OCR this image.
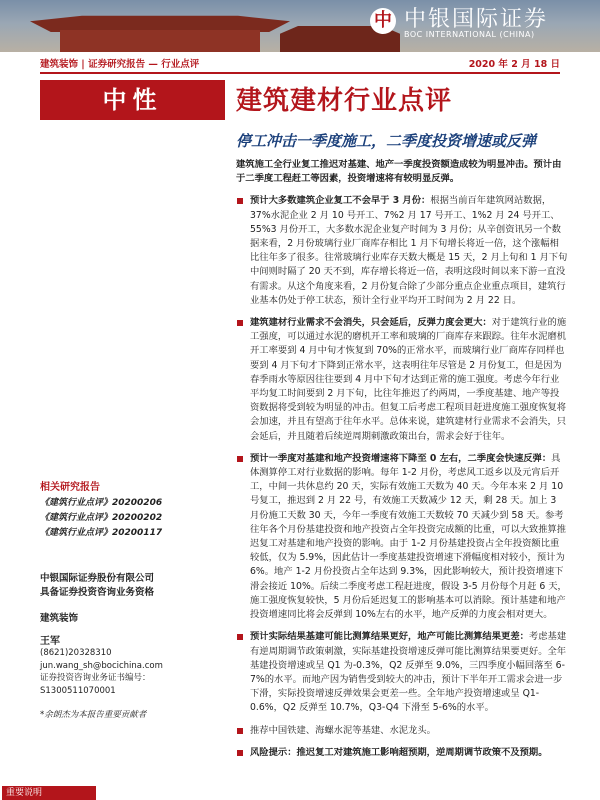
中 中银国际证券
BOC INTERNATIONAL (CHINA)
建筑装饰 | 证券研究报告 — 行业点评	2020 年 2 月 18 日
中性	建筑建材行业点评
停工冲击一季度施工，二季度投资增速或反弹
建筑施工全行业复工推迟对基建、地产一季度投资额造成较为明显冲击。预计由于二季度工程赶工等因素，投资增速将有较明显反弹。
预计大多数建筑企业复工不会早于 3 月份：根据当前百年建筑网站数据，37%水泥企业 2 月 10 号开工、7%2 月 17 号开工、1%2 月 24 号开工、55%3 月份开工，大多数水泥企业复产时间为 3 月份；从辛创资讯另一个数据来看，2 月份玻璃行业厂商库存相比 1 月下旬增长将近一倍，这个涨幅相比往年多了很多。往常玻璃行业库存天数大概是 15 天，2 月上旬和 1 月下旬中间则时隔了 20 天不到，库存增长将近一倍，表明这段时间以来下游一直没有需求。从这个角度来看，2 月份复合除了少部分重点企业重点项目，建筑行业基本仍处于停工状态，预计全行业平均开工时间为 2 月 22 日。
建筑建材行业需求不会消失，只会延后，反弹力度会更大：对于建筑行业的施工强度，可以通过水泥的磨机开工率和玻璃的厂商库存来跟踪。往年水泥磨机开工率要到 4 月中旬才恢复到 70%的正常水平，而玻璃行业厂商库存同样也要到 4 月下旬才下降到正常水平，这表明往年尽管是 2 月份复工，但是因为春季雨水等原因往往要到 4 月中下旬才达到正常的施工强度。考虑今年行业平均复工时间要到 2 月下旬，比往年推迟了约两周，一季度基建、地产等投资数据将受到较为明显的冲击。但复工后考虑工程项目赶进度施工强度恢复将会加速，并且有望高于往年水平。总体来说，建筑建材行业需求不会消失，只会延后，并且随着后续逆周期刺激政策出台，需求会好于往年。
预计一季度对基建和地产投资增速将下降至 0 左右，二季度会快速反弹：具体测算停工对行业数据的影响。每年 1-2 月份，考虑风工返乡以及元宵后开工，中间一共休息约 20 天，实际有效施工天数为 40 天。今年本来 2 月 10 号复工，推迟到 2 月 22 号，有效施工天数减少 12 天，剩 28 天。加上 3 月份施工天数 30 天，今年一季度有效施工天数较 70 天减少到 58 天。参考往年各个月份基建投资和地产投资占全年投资完成额的比重，可以大致推算推迟复工对基建和地产投资的影响。由于 1-2 月份基建投资占全年投资额比重较低，仅为 5.9%，因此估计一季度基建投资增速下滑幅度相对较小，预计为 6%。地产 1-2 月份投资占全年达到 9.3%，因此影响较大，预计投资增速下滑会接近 10%。后续二季度考虑工程赶进度，假设 3-5 月份每个月赶 6 天，施工强度恢复较快，5 月份后延迟复工的影响基本可以消除。预计基建和地产投资增速同比将会反弹到 10%左右的水平，地产反弹的力度会相对更大。
预计实际结果基建可能比测算结果更好，地产可能比测算结果更差：考虑基建有逆周期调节政策刺激，实际基建投资增速反弹可能比测算结果要更好。全年基建投资增速或呈 Q1 为-0.3%，Q2 反弹至 9.0%，三四季度小幅回落至 6-7%的水平。而地产因为销售受到较大的冲击，预计下半年开工需求会进一步下滑，实际投资增速反弹效果会更差一些。全年地产投资增速或呈 Q1-0.6%，Q2 反弹至 10.7%，Q3-Q4 下滑至 5-6%的水平。
推荐中国铁建、海螺水泥等基建、水泥龙头。
风险提示：推迟复工对建筑施工影响超预期，逆周期调节政策不及预期。
相关研究报告
《建筑行业点评》20200206
《建筑行业点评》20200202
《建筑行业点评》20200117
中银国际证券股份有限公司
具备证券投资咨询业务资格
建筑装饰
王军
(8621)20328310
jun.wang_sh@bocichina.com
证券投资咨询业务证书编号：S1300511070001
*余朗杰为本报告重要贡献者
重要说明
